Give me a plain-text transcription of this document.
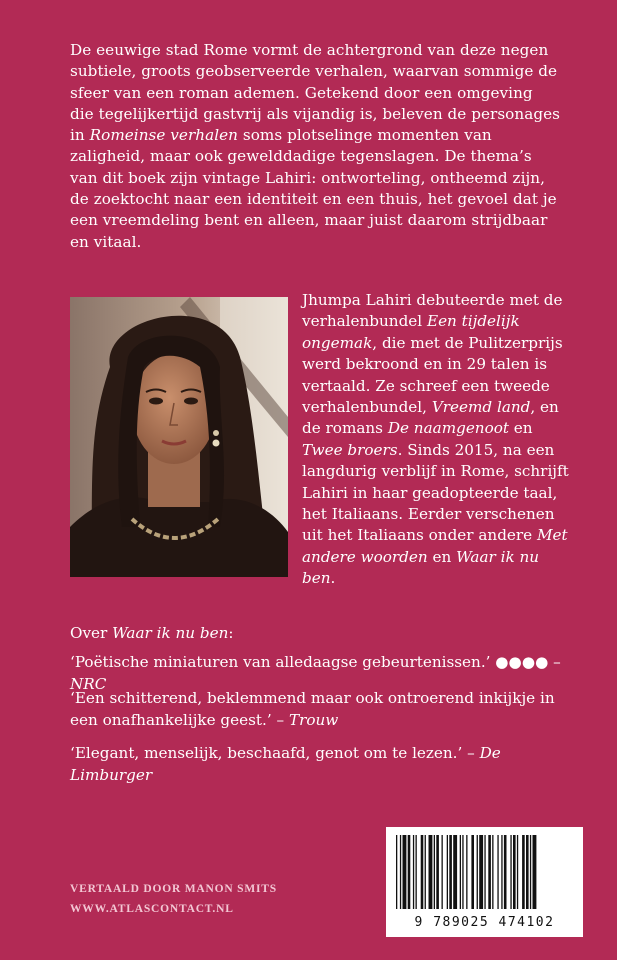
De eeuwige stad Rome vormt de achtergrond van deze negen subtiele, groots geobserveerde verhalen, waarvan sommige de sfeer van een roman ademen. Getekend door een omgeving die tegelijkertijd gastvrij als vijandig is, beleven de personages in Romeinse verhalen soms plotselinge momenten van zaligheid, maar ook gewelddadige tegenslagen. De thema’s van dit boek zijn vintage Lahiri: ontworteling, ontheemd zijn, de zoektocht naar een identiteit en een thuis, het gevoel dat je een vreemdeling bent en alleen, maar juist daarom strijdbaar en vitaal.

Jhumpa Lahiri debuteerde met de verhalenbundel Een tijdelijk ongemak, die met de Pulitzerprijs werd bekroond en in 29 talen is vertaald. Ze schreef een tweede verhalenbundel, Vreemd land, en de romans De naamgenoot en Twee broers. Sinds 2015, na een langdurig verblijf in Rome, schrijft Lahiri in haar geadopteerde taal, het Italiaans. Eerder verschenen uit het Italiaans onder andere Met andere woorden en Waar ik nu ben.

Over Waar ik nu ben:
‘Poëtische miniaturen van alledaagse gebeurtenissen.’ ●●●● – NRC
‘Een schitterend, beklemmend maar ook ontroerend inkijkje in een onafhankelijke geest.’ – Trouw
‘Elegant, menselijk, beschaafd, genot om te lezen.’ – De Limburger
VERTAALD DOOR MANON SMITS
WWW.ATLASCONTACT.NL
9 789025 474102
